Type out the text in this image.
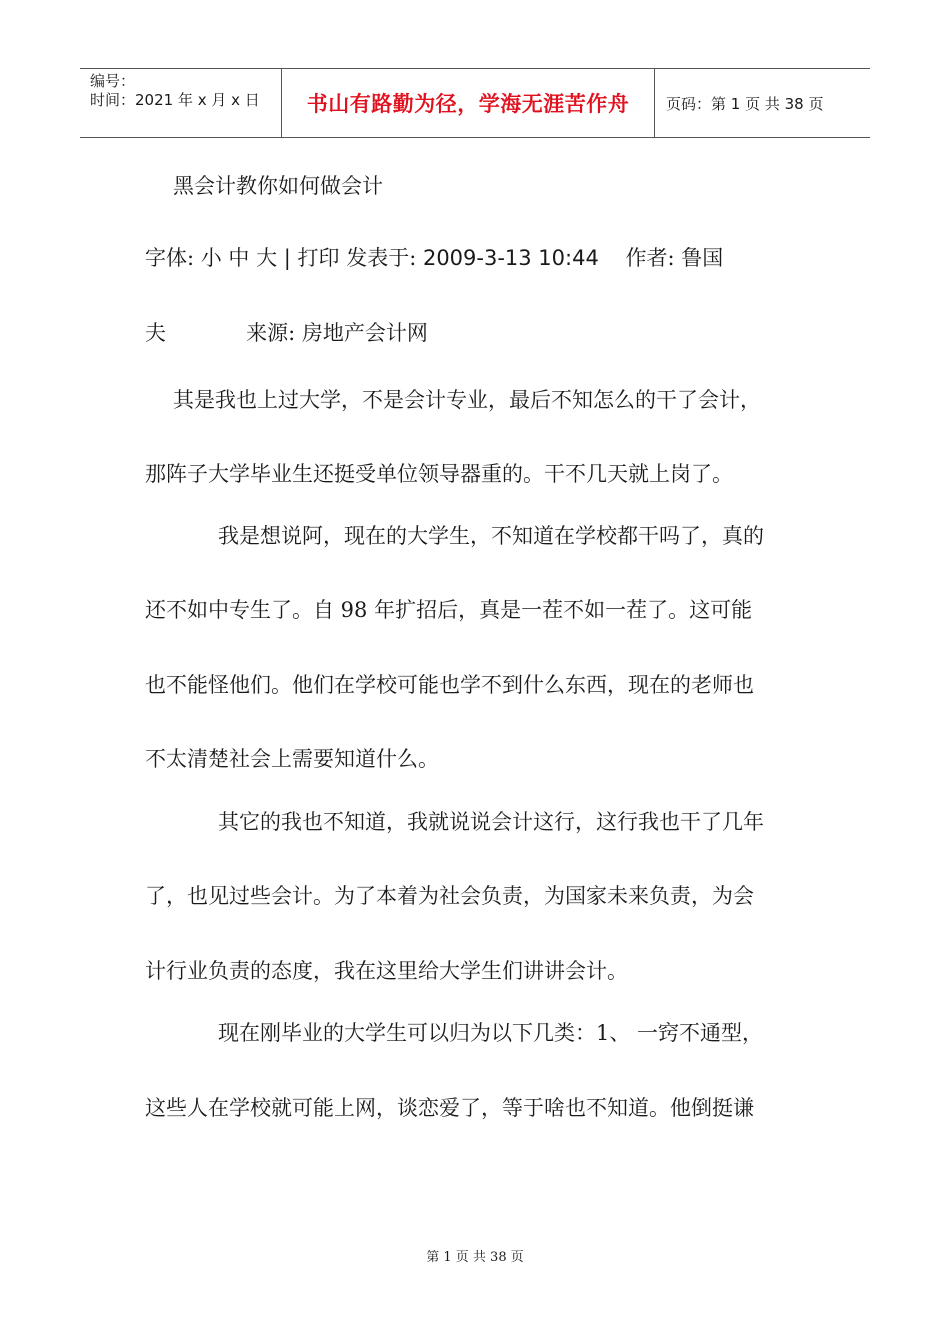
编号：
时间：2021 年 x 月 x 日	书山有路勤为径，学海无涯苦作舟	页码：第 1 页 共 38 页
黑会计教你如何做会计
字体: 小 中 大 | 打印 发表于: 2009-3-13 10:44    作者: 鲁国
夫            来源: 房地产会计网
其是我也上过大学，不是会计专业，最后不知怎么的干了会计，
那阵子大学毕业生还挺受单位领导器重的。干不几天就上岗了。
我是想说阿，现在的大学生，不知道在学校都干吗了，真的
还不如中专生了。自 98 年扩招后，真是一茬不如一茬了。这可能
也不能怪他们。他们在学校可能也学不到什么东西，现在的老师也
不太清楚社会上需要知道什么。
其它的我也不知道，我就说说会计这行，这行我也干了几年
了，也见过些会计。为了本着为社会负责，为国家未来负责，为会
计行业负责的态度，我在这里给大学生们讲讲会计。
现在刚毕业的大学生可以归为以下几类：1、 一窍不通型，
这些人在学校就可能上网，谈恋爱了，等于啥也不知道。他倒挺谦
第 1 页 共 38 页
